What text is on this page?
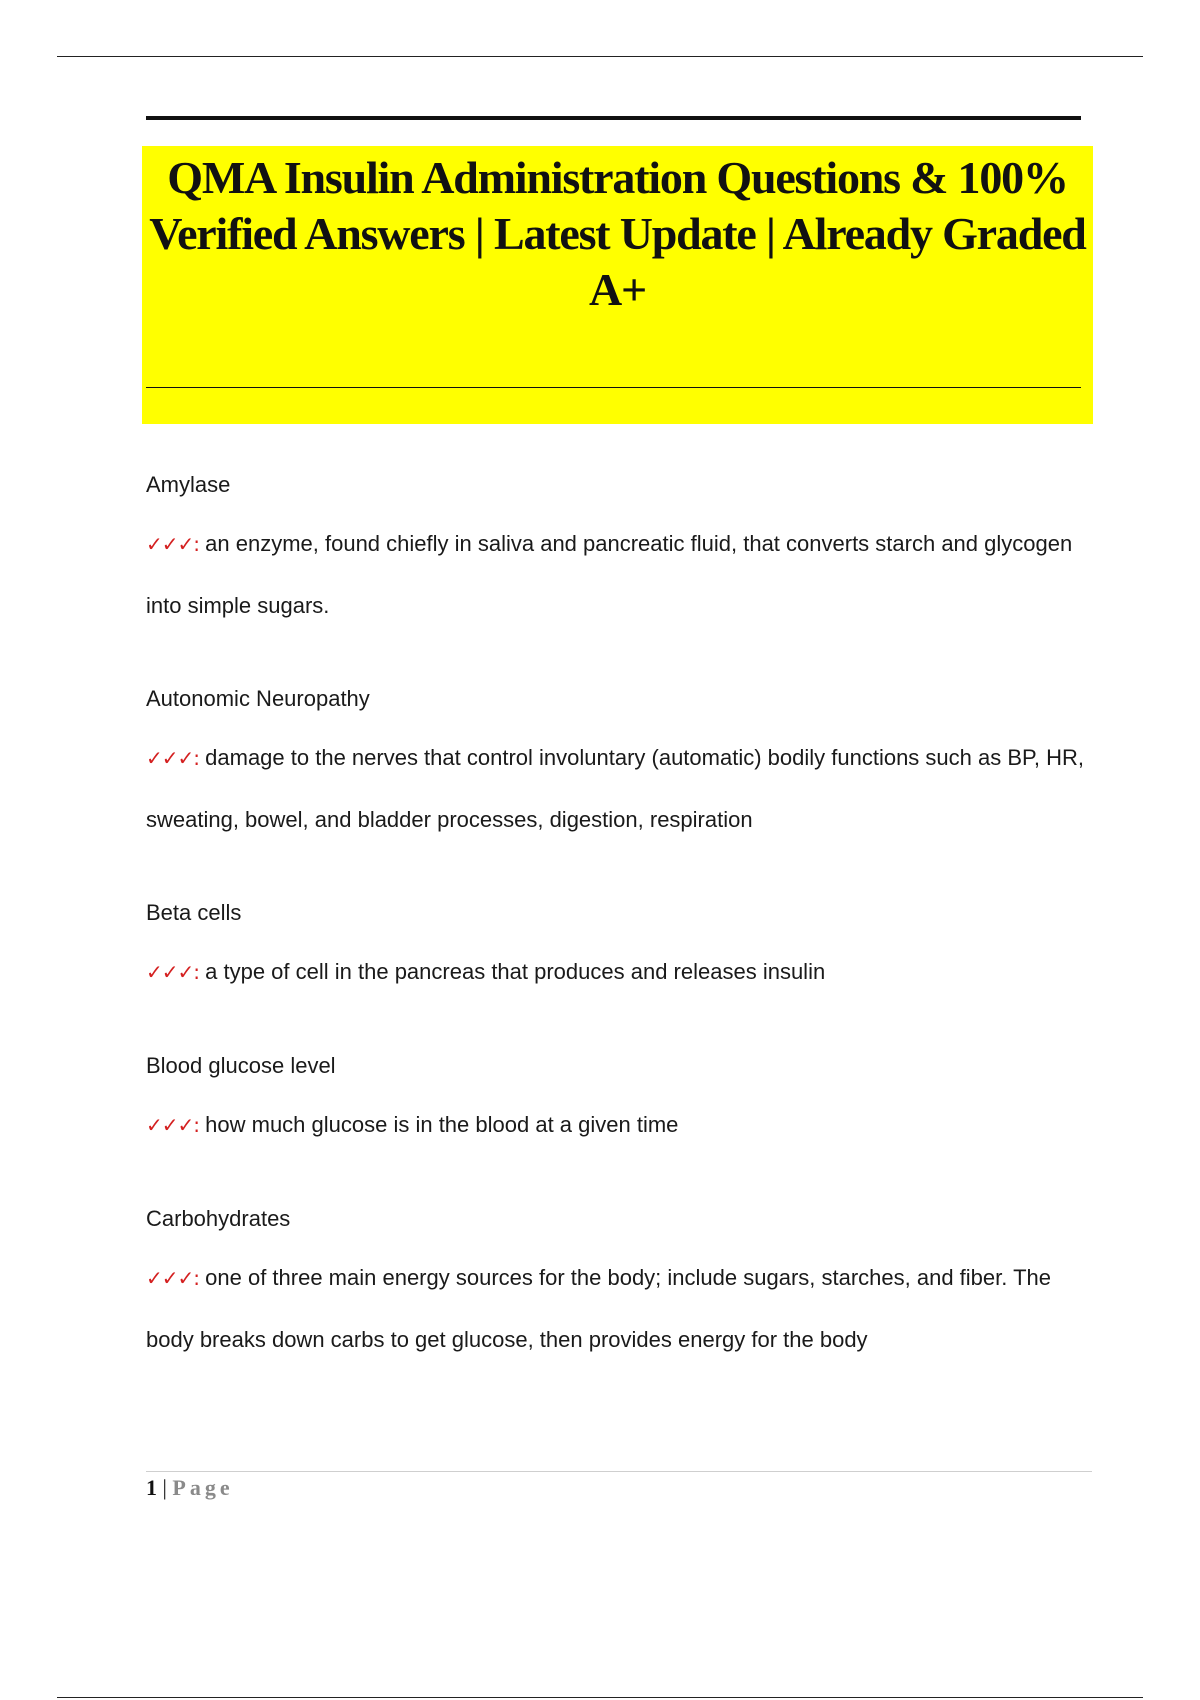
QMA Insulin Administration Questions & 100% Verified Answers | Latest Update | Already Graded A+

Amylase

✓✓✓: an enzyme, found chiefly in saliva and pancreatic fluid, that converts starch and glycogen into simple sugars.

Autonomic Neuropathy

✓✓✓: damage to the nerves that control involuntary (automatic) bodily functions such as BP, HR, sweating, bowel, and bladder processes, digestion, respiration

Beta cells

✓✓✓: a type of cell in the pancreas that produces and releases insulin

Blood glucose level

✓✓✓: how much glucose is in the blood at a given time

Carbohydrates

✓✓✓: one of three main energy sources for the body; include sugars, starches, and fiber. The body breaks down carbs to get glucose, then provides energy for the body

1 | Page
